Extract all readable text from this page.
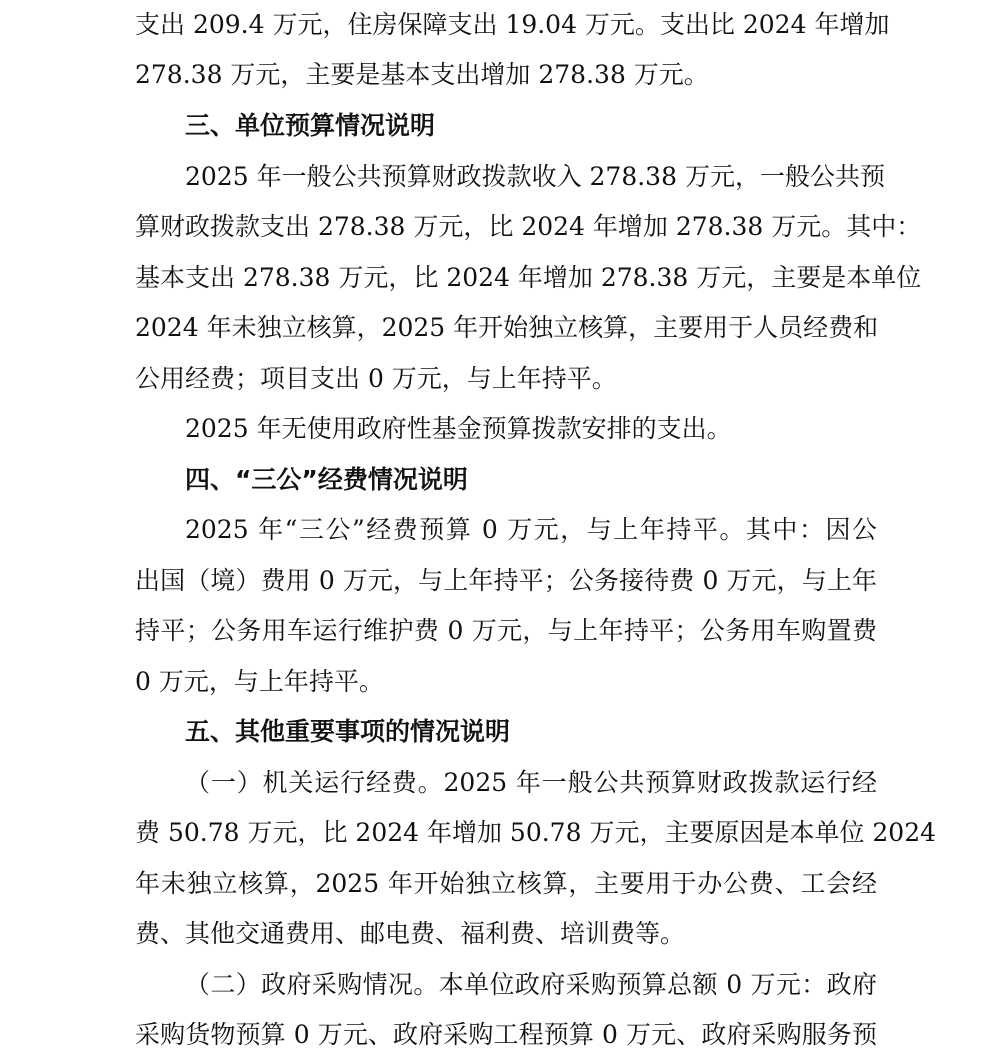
支出 209.4 万元，住房保障支出 19.04 万元。支出比 2024 年增加
278.38 万元，主要是基本支出增加 278.38 万元。
三、单位预算情况说明
2025 年一般公共预算财政拨款收入 278.38 万元，一般公共预
算财政拨款支出 278.38 万元，比 2024 年增加 278.38 万元。其中：
基本支出 278.38 万元，比 2024 年增加 278.38 万元，主要是本单位
2024 年未独立核算，2025 年开始独立核算，主要用于人员经费和
公用经费；项目支出 0 万元，与上年持平。
2025 年无使用政府性基金预算拨款安排的支出。
四、“三公”经费情况说明
2025 年“三公”经费预算 0 万元，与上年持平。其中：因公
出国（境）费用 0 万元，与上年持平；公务接待费 0 万元，与上年
持平；公务用车运行维护费 0 万元，与上年持平；公务用车购置费
0 万元，与上年持平。
五、其他重要事项的情况说明
（一）机关运行经费。2025 年一般公共预算财政拨款运行经
费 50.78 万元，比 2024 年增加 50.78 万元，主要原因是本单位 2024
年未独立核算，2025 年开始独立核算，主要用于办公费、工会经
费、其他交通费用、邮电费、福利费、培训费等。
（二）政府采购情况。本单位政府采购预算总额 0 万元：政府
采购货物预算 0 万元、政府采购工程预算 0 万元、政府采购服务预
